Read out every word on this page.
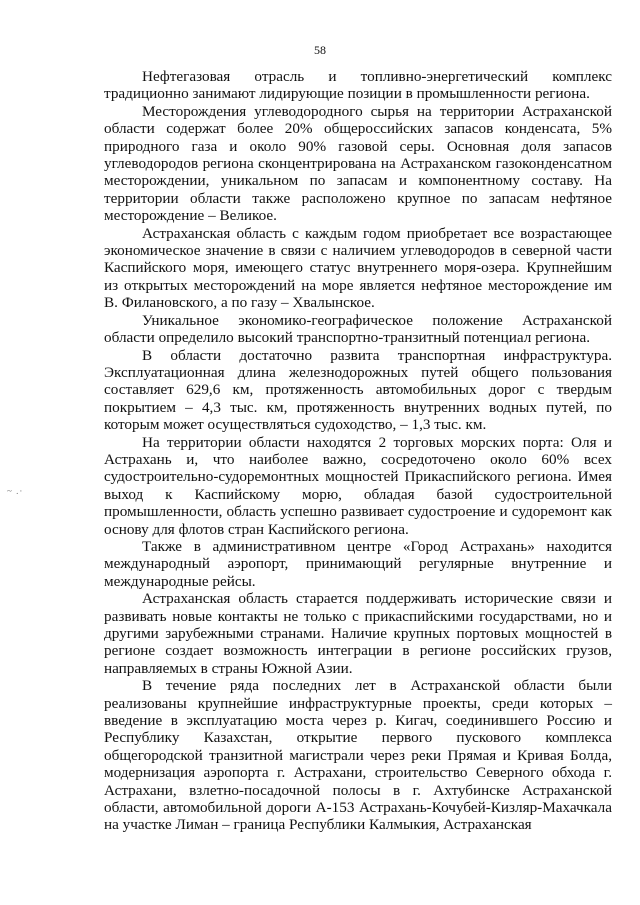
58
~ .·

Нефтегазовая отрасль и топливно-энергетический комплекс традиционно занимают лидирующие позиции в промышленности региона.

Месторождения углеводородного сырья на территории Астраханской области содержат более 20% общероссийских запасов конденсата, 5% природного газа и около 90% газовой серы. Основная доля запасов углеводородов региона сконцентрирована на Астраханском газоконденсатном месторождении, уникальном по запасам и компонентному составу. На территории области также расположено крупное по запасам нефтяное месторождение – Великое.

Астраханская область с каждым годом приобретает все возрастающее экономическое значение в связи с наличием углеводородов в северной части Каспийского моря, имеющего статус внутреннего моря-озера. Крупнейшим из открытых месторождений на море является нефтяное месторождение им В. Филановского, а по газу – Хвалынское.

Уникальное экономико-географическое положение Астраханской области определило высокий транспортно-транзитный потенциал региона.

В области достаточно развита транспортная инфраструктура. Эксплуатационная длина железнодорожных путей общего пользования составляет 629,6 км, протяженность автомобильных дорог с твердым покрытием – 4,3 тыс. км, протяженность внутренних водных путей, по которым может осуществляться судоходство, – 1,3 тыс. км.

На территории области находятся 2 торговых морских порта: Оля и Астрахань и, что наиболее важно, сосредоточено около 60% всех судостроительно-судоремонтных мощностей Прикаспийского региона. Имея выход к Каспийскому морю, обладая базой судостроительной промышленности, область успешно развивает судостроение и судоремонт как основу для флотов стран Каспийского региона.

Также в административном центре «Город Астрахань» находится международный аэропорт, принимающий регулярные внутренние и международные рейсы.

Астраханская область старается поддерживать исторические связи и развивать новые контакты не только с прикаспийскими государствами, но и другими зарубежными странами. Наличие крупных портовых мощностей в регионе создает возможность интеграции в регионе российских грузов, направляемых в страны Южной Азии.

В течение ряда последних лет в Астраханской области были реализованы крупнейшие инфраструктурные проекты, среди которых – введение в эксплуатацию моста через р. Кигач, соединившего Россию и Республику Казахстан, открытие первого пускового комплекса общегородской транзитной магистрали через реки Прямая и Кривая Болда, модернизация аэропорта г. Астрахани, строительство Северного обхода г. Астрахани, взлетно-посадочной полосы в г. Ахтубинске Астраханской области, автомобильной дороги А-153 Астрахань-Кочубей-Кизляр-Махачкала на участке Лиман – граница Республики Калмыкия, Астраханская
